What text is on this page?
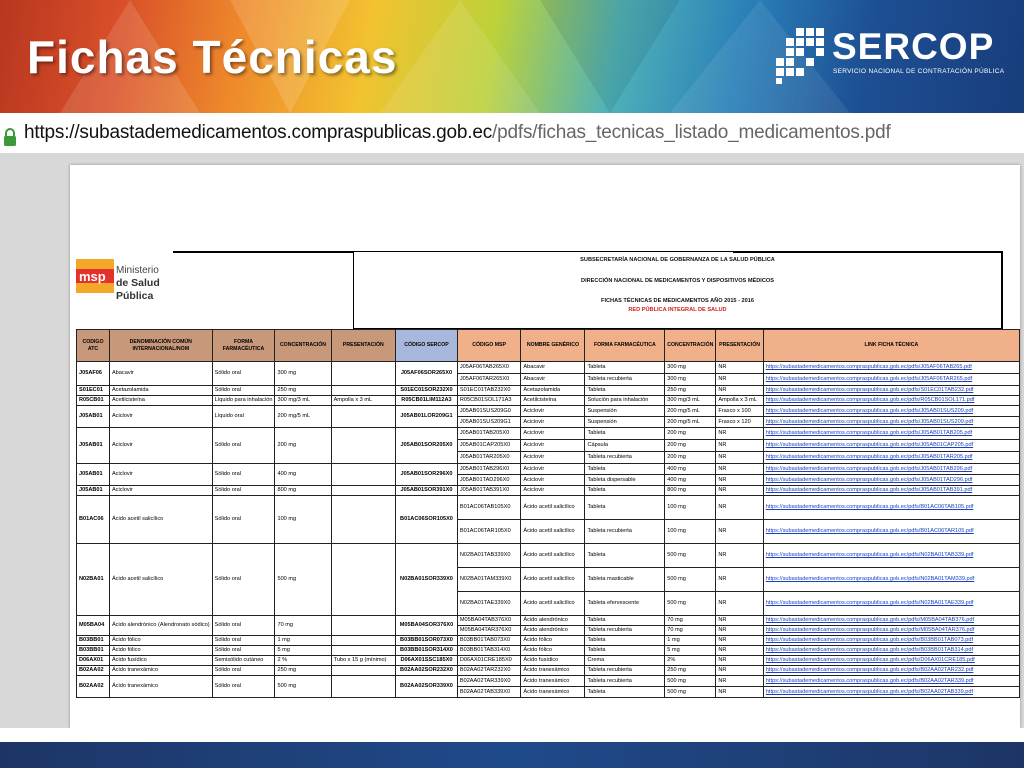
Fichas Técnicas	SERCOP
SERVICIO NACIONAL DE CONTRATACIÓN PÚBLICA
https://subastademedicamentos.compraspublicas.gob.ec/pdfs/fichas_tecnicas_listado_medicamentos.pdf
msp Ministerio
de Salud Pública
SUBSECRETARÍA NACIONAL DE GOBERNANZA DE LA SALUD PÚBLICA
DIRECCIÓN NACIONAL DE MEDICAMENTOS Y DISPOSITIVOS MÉDICOS
FICHAS TÉCNICAS DE MEDICAMENTOS AÑO 2015 - 2016
RED PÚBLICA INTEGRAL DE SALUD
CODIGO ATC	DENOMINACIÓN COMÚN INTERNACIONAL/NOM	FORMA FARMACÉUTICA	CONCENTRACIÓN	PRESENTACIÓN	CÓDIGO SERCOP	CÓDIGO MSP	NOMBRE GENÉRICO	FORMA FARMACÉUTICA	CONCENTRACIÓN	PRESENTACIÓN	LINK FICHA TÉCNICA
J05AF06	Abacavir	Sólido oral	300 mg		J05AF06SOR265X0	J05AF06TAB265X0	Abacavir	Tableta	300 mg	NR	https://subastademedicamentos.compraspublicas.gob.ec/pdfs/J05AF06TAB265.pdf
						J05AF06TAR265X0	Abacavir	Tableta recubierta	300 mg	NR	https://subastademedicamentos.compraspublicas.gob.ec/pdfs/J05AF06TAR265.pdf
S01EC01	Acetazolamida	Sólido oral	250 mg		S01EC01SOR232X0	S01EC01TAB232X0	Acetazolamida	Tableta	250 mg	NR	https://subastademedicamentos.compraspublicas.gob.ec/pdfs/S01EC01TAB232.pdf
R05CB01	Acetilcisteína	Líquido para inhalación	300 mg/3 mL	Ampolla x 3 mL	R05CB01LIM112A3	R05CB01SOL171A3	Acetilcisteína	Solución para inhalación	300 mg/3 mL	Ampolla x 3 mL	https://subastademedicamentos.compraspublicas.gob.ec/pdfs/R05CB01SOL171.pdf
J05AB01	Aciclovir	Líquido oral	200 mg/5 mL		J05AB01LOR209G1	J05AB01SUS209G0	Aciclovir	Suspensión	200 mg/5 mL	Frasco x 100	https://subastademedicamentos.compraspublicas.gob.ec/pdfs/J05AB01SUS209.pdf
						J05AB01SUS209G1	Aciclovir	Suspensión	200 mg/5 mL	Frasco x 120	https://subastademedicamentos.compraspublicas.gob.ec/pdfs/J05AB01SUS209.pdf
J05AB01	Aciclovir	Sólido oral	200 mg		J05AB01SOR205X0	J05AB01TAB205X0	Aciclovir	Tableta	200 mg	NR	https://subastademedicamentos.compraspublicas.gob.ec/pdfs/J05AB01TAB205.pdf
						J05AB01CAP205X0	Aciclovir	Cápsula	200 mg	NR	https://subastademedicamentos.compraspublicas.gob.ec/pdfs/J05AB01CAP205.pdf
						J05AB01TAR205X0	Aciclovir	Tableta recubierta	200 mg	NR	https://subastademedicamentos.compraspublicas.gob.ec/pdfs/J05AB01TAR205.pdf
J05AB01	Aciclovir	Sólido oral	400 mg		J05AB01SOR296X0	J05AB01TAB296X0	Aciclovir	Tableta	400 mg	NR	https://subastademedicamentos.compraspublicas.gob.ec/pdfs/J05AB01TAB296.pdf
						J05AB01TAD296X0	Aciclovir	Tableta dispersable	400 mg	NR	https://subastademedicamentos.compraspublicas.gob.ec/pdfs/J05AB01TAD296.pdf
J05AB01	Aciclovir	Sólido oral	800 mg		J05AB01SOR391X0	J05AB01TAB391X0	Aciclovir	Tableta	800 mg	NR	https://subastademedicamentos.compraspublicas.gob.ec/pdfs/J05AB01TAB391.pdf
B01AC06	Ácido acetil salicílico	Sólido oral	100 mg		B01AC06SOR105X0	B01AC06TAB105X0	Ácido acetil salicílico	Tableta	100 mg	NR	https://subastademedicamentos.compraspublicas.gob.ec/pdfs/B01AC06TAB105.pdf
						B01AC06TAR105X0	Ácido acetil salicílico	Tableta recubierta	100 mg	NR	https://subastademedicamentos.compraspublicas.gob.ec/pdfs/B01AC06TAR105.pdf
N02BA01	Ácido acetil salicílico	Sólido oral	500 mg		N02BA01SOR339X0	N02BA01TAB339X0	Ácido acetil salicílico	Tableta	500 mg	NR	https://subastademedicamentos.compraspublicas.gob.ec/pdfs/N02BA01TAB339.pdf
						N02BA01TAM339X0	Ácido acetil salicílico	Tableta masticable	500 mg	NR	https://subastademedicamentos.compraspublicas.gob.ec/pdfs/N02BA01TAM339.pdf
						N02BA01TAE339X0	Ácido acetil salicílico	Tableta efervescente	500 mg	NR	https://subastademedicamentos.compraspublicas.gob.ec/pdfs/N02BA01TAE339.pdf
M05BA04	Ácido alendrónico (Alendronato sódico)	Sólido oral	70 mg		M05BA04SOR376X0	M05BA04TAB376X0	Ácido alendrónico	Tableta	70 mg	NR	https://subastademedicamentos.compraspublicas.gob.ec/pdfs/M05BA04TAB376.pdf
						M05BA04TAR376X0	Ácido alendrónico	Tableta recubierta	70 mg	NR	https://subastademedicamentos.compraspublicas.gob.ec/pdfs/M05BA04TAR376.pdf
B03BB01	Ácido fólico	Sólido oral	1 mg		B03BB01SOR073X0	B03BB01TAB073X0	Ácido fólico	Tableta	1 mg	NR	https://subastademedicamentos.compraspublicas.gob.ec/pdfs/B03BB01TAB073.pdf
B03BB01	Ácido fólico	Sólido oral	5 mg		B03BB01SOR314X0	B03BB01TAB314X0	Ácido fólico	Tableta	5 mg	NR	https://subastademedicamentos.compraspublicas.gob.ec/pdfs/B03BB01TAB314.pdf
D06AX01	Ácido fusídico	Semisólido cutáneo	2 %	Tubo x 15 g (mínimo)	D06AX01SSC185X0	D06AX01CRE185X0	Ácido fusídico	Crema	2%	NR	https://subastademedicamentos.compraspublicas.gob.ec/pdfs/D06AX01CRE185.pdf
B02AA02	Ácido tranexámico	Sólido oral	250 mg		B02AA02SOR232X0	B02AA02TAR232X0	Ácido tranexámico	Tableta recubierta	250 mg	NR	https://subastademedicamentos.compraspublicas.gob.ec/pdfs/B02AA02TAR232.pdf
B02AA02	Ácido tranexámico	Sólido oral	500 mg		B02AA02SOR339X0	B02AA02TAR339X0	Ácido tranexámico	Tableta recubierta	500 mg	NR	https://subastademedicamentos.compraspublicas.gob.ec/pdfs/B02AA02TAR339.pdf
						B02AA02TAB339X0	Ácido tranexámico	Tableta	500 mg	NR	https://subastademedicamentos.compraspublicas.gob.ec/pdfs/B02AA02TAB339.pdf
